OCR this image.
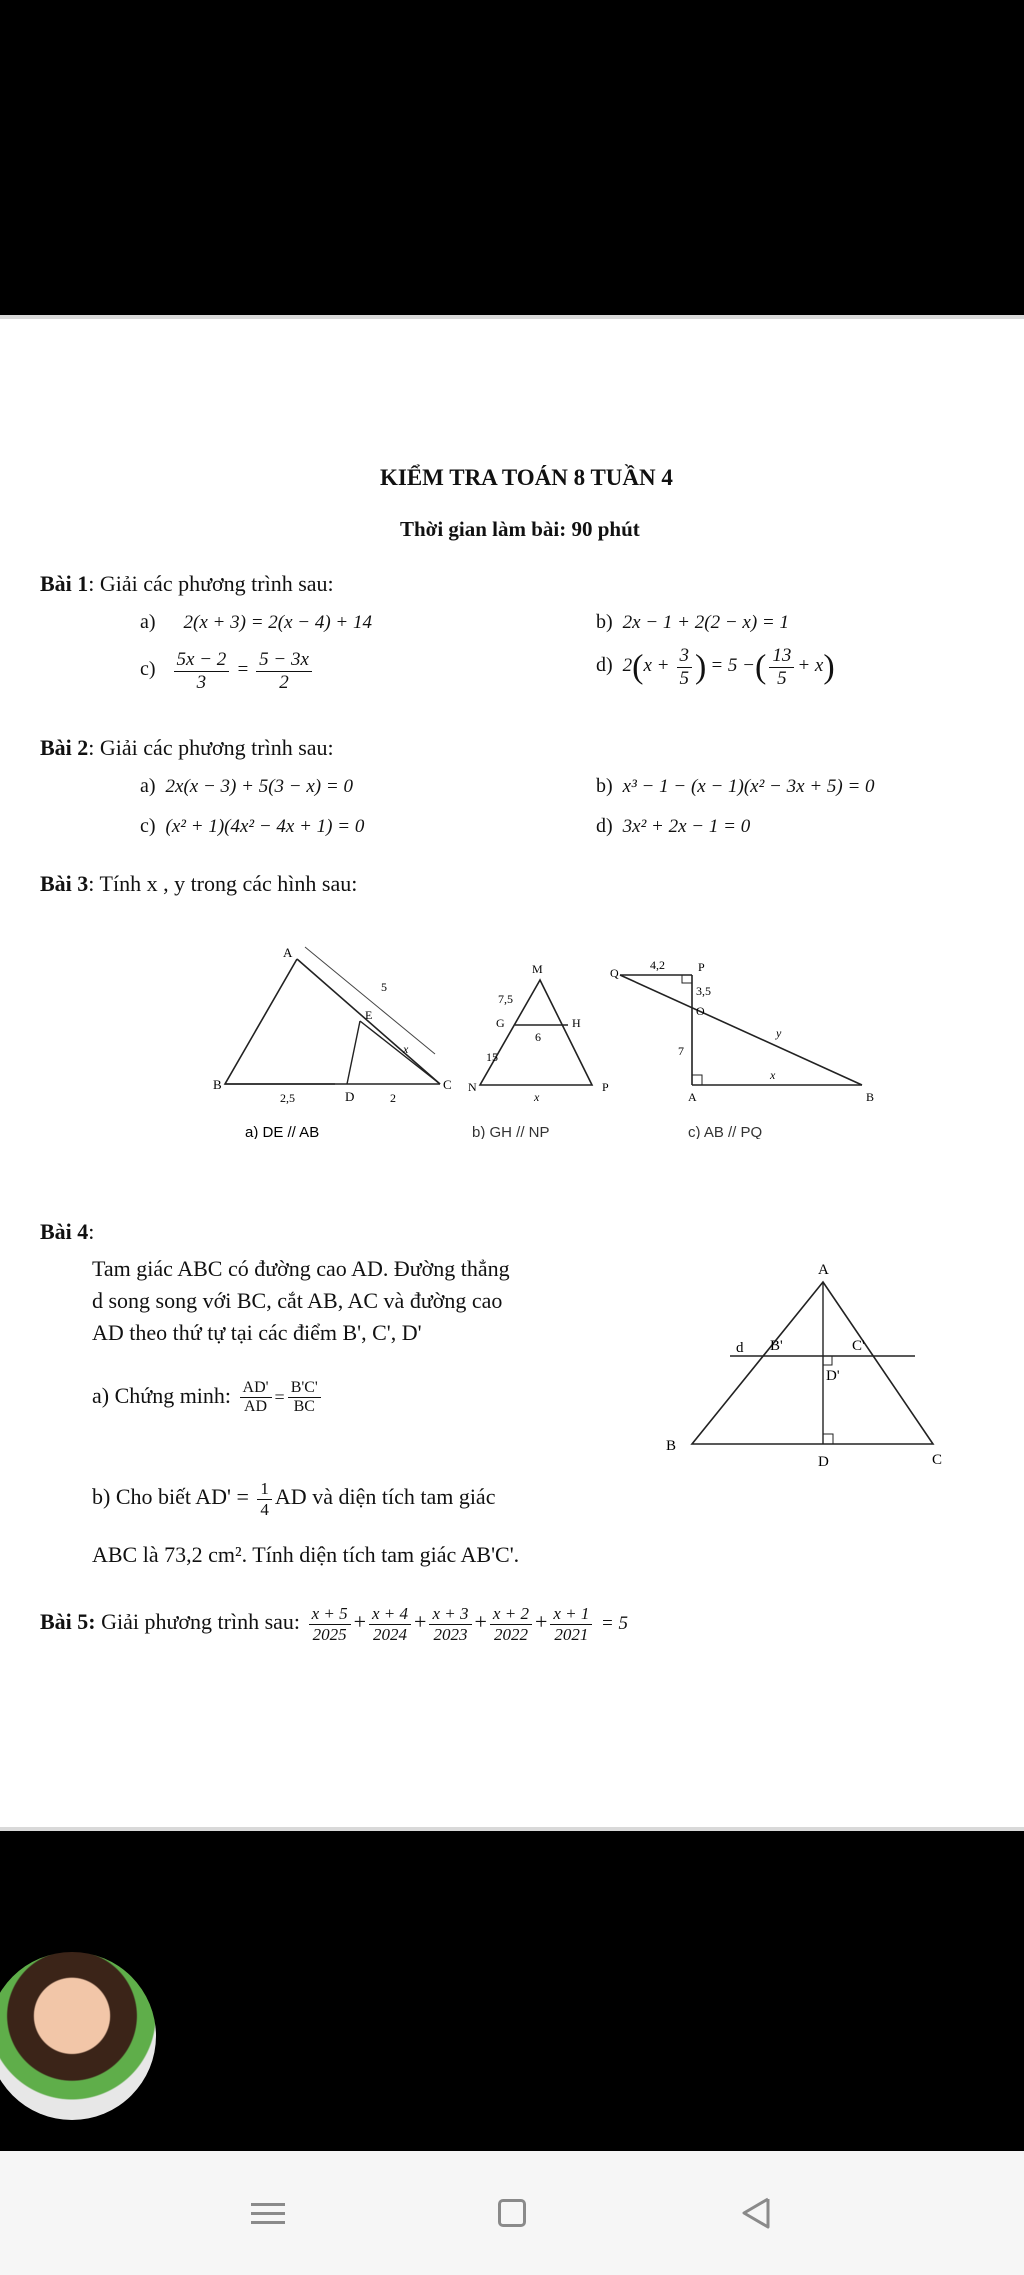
KIỂM TRA TOÁN 8 TUẦN 4
Thời gian làm bài: 90 phút
Bài 1: Giải các phương trình sau:
a) 2(x + 3) = 2(x − 4) + 14	b) 2x − 1 + 2(2 − x) = 1
$c) \frac{5x - 2}{3} = \frac{5 - 3x}{2}$	d) $2(x + \frac{3}{5}$ ) = 5 −( $\frac{13}{5} + x$)
Bài 2: Giải các phương trình sau:
a) 2x(x − 3) + 5(3 − x) = 0	b) x³ − 1 − (x − 1)(x² − 3x + 5) = 0
c) (x² + 1)(4x² − 4x + 1) = 0	d) 3x² + 2x − 1 = 0
Bài 3: Tính x , y trong các hình sau:
A
B	C
D
E
5
x
2,5	2
a) DE // AB
M
G	H
N	P
7,5
6
15
x
b) GH // NP
Q	P
O
A	B
4,2
3,5
7
y
x
c) AB // PQ
Bài 4:
Tam giác ABC có đường cao AD. Đường thẳng
d song song với BC, cắt AB, AC và đường cao
AD theo thứ tự tại các điểm B', C', D'
a) Chứng minh: $\frac{AD'}{AD} = \frac{B'C'}{BC}$
b) Cho biết $AD' = \frac{1}{4}$ AD và diện tích tam giác
ABC là 73,2 cm². Tính diện tích tam giác AB'C'.
A
B
C
D
d B'	C'
D'
Bài 5: Giải phương trình sau: $\frac{x + 5}{2025} + \frac{x + 4}{2024} + \frac{x + 3}{2023} + \frac{x + 2}{2022} + \frac{x + 1}{2021} = 5$
